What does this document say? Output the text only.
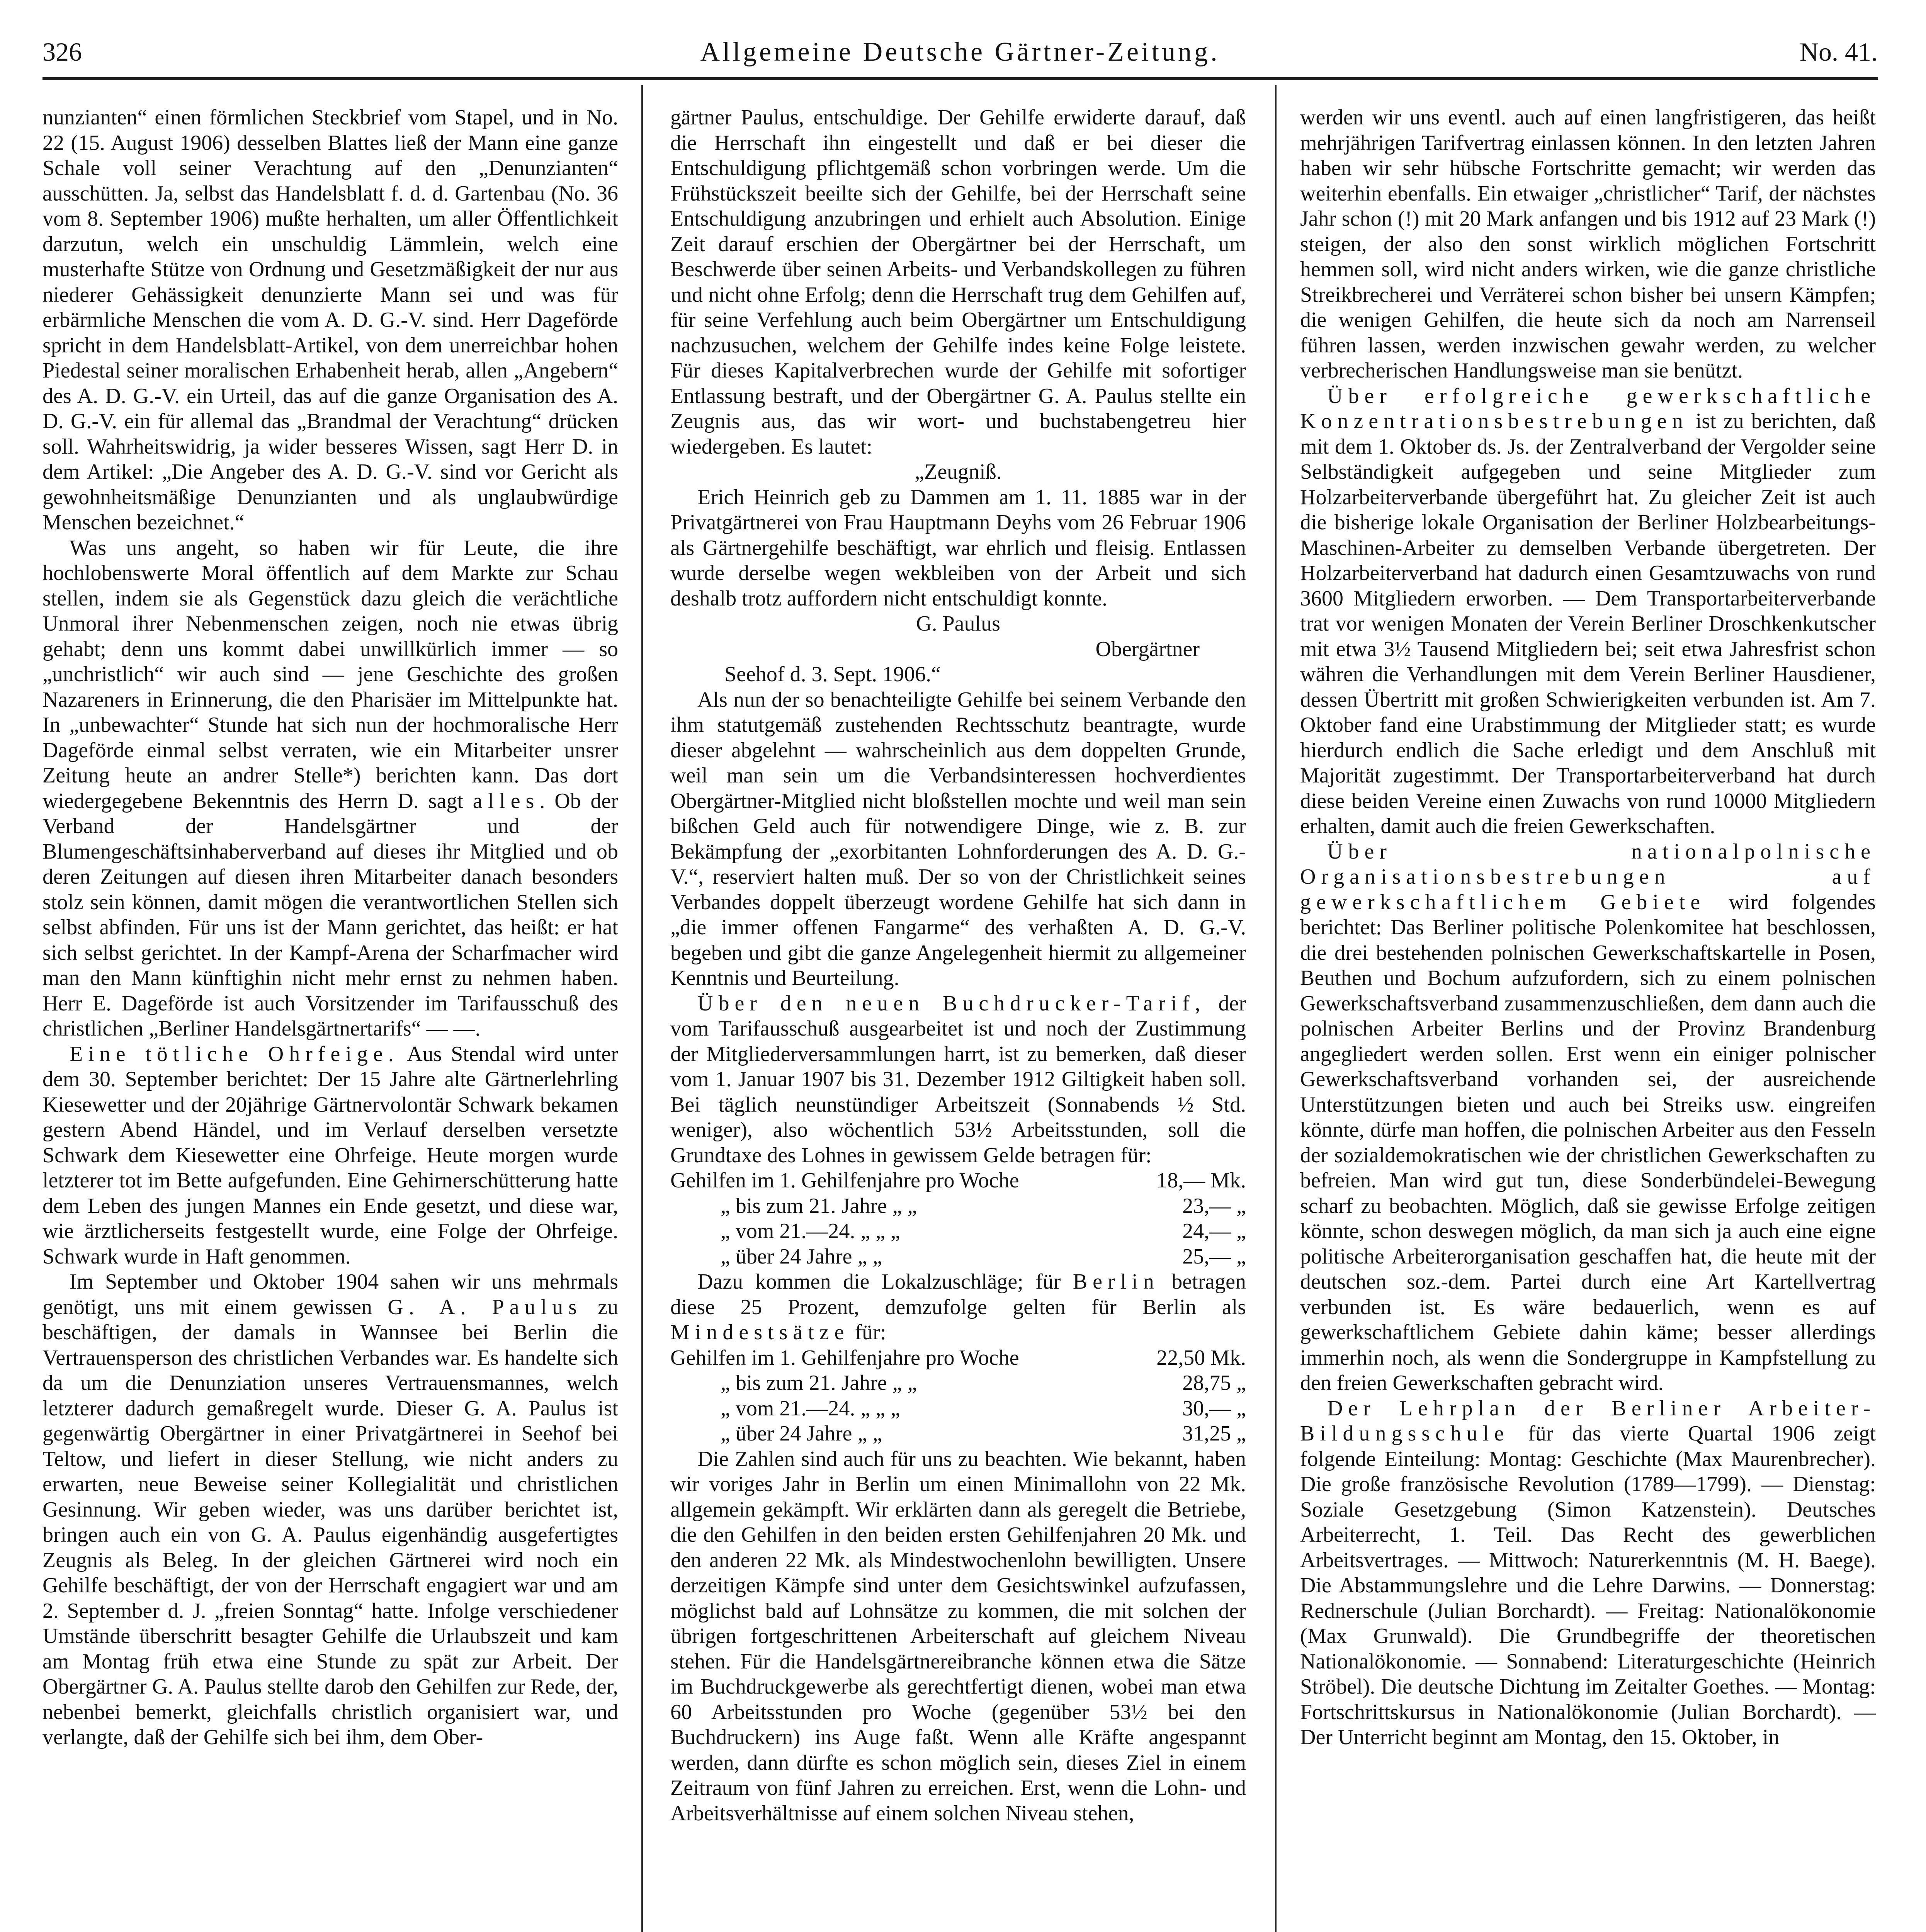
Allgemeine Deutsche Gärtner-Zeitung.
326	No. 41.

nunzianten“ einen förmlichen Steckbrief vom Stapel, und in No. 22 (15. August 1906) desselben Blattes ließ der Mann eine ganze Schale voll seiner Verachtung auf den „Denunzianten“ ausschütten. Ja, selbst das Handelsblatt f. d. d. Gartenbau (No. 36 vom 8. September 1906) mußte herhalten, um aller Öffentlichkeit darzutun, welch ein unschuldig Lämmlein, welch eine musterhafte Stütze von Ordnung und Gesetzmäßigkeit der nur aus niederer Gehässigkeit denunzierte Mann sei und was für erbärmliche Menschen die vom A. D. G.-V. sind. Herr Dageförde spricht in dem Handelsblatt-Artikel, von dem unerreichbar hohen Piedestal seiner moralischen Erhabenheit herab, allen „Angebern“ des A. D. G.-V. ein Urteil, das auf die ganze Organisation des A. D. G.-V. ein für allemal das „Brandmal der Verachtung“ drücken soll. Wahrheitswidrig, ja wider besseres Wissen, sagt Herr D. in dem Artikel: „Die Angeber des A. D. G.-V. sind vor Gericht als gewohnheitsmäßige Denunzianten und als unglaubwürdige Menschen bezeichnet.“

Was uns angeht, so haben wir für Leute, die ihre hochlobenswerte Moral öffentlich auf dem Markte zur Schau stellen, indem sie als Gegenstück dazu gleich die verächtliche Unmoral ihrer Nebenmenschen zeigen, noch nie etwas übrig gehabt; denn uns kommt dabei unwillkürlich immer — so „unchristlich“ wir auch sind — jene Geschichte des großen Nazareners in Erinnerung, die den Pharisäer im Mittelpunkte hat. In „unbewachter“ Stunde hat sich nun der hochmoralische Herr Dageförde einmal selbst verraten, wie ein Mitarbeiter unsrer Zeitung heute an andrer Stelle*) berichten kann. Das dort wiedergegebene Bekenntnis des Herrn D. sagt alles. Ob der Verband der Handelsgärtner und der Blumengeschäftsinhaberverband auf dieses ihr Mitglied und ob deren Zeitungen auf diesen ihren Mitarbeiter danach besonders stolz sein können, damit mögen die verantwortlichen Stellen sich selbst abfinden. Für uns ist der Mann gerichtet, das heißt: er hat sich selbst gerichtet. In der Kampf-Arena der Scharfmacher wird man den Mann künftighin nicht mehr ernst zu nehmen haben. Herr E. Dageförde ist auch Vorsitzender im Tarifausschuß des christlichen „Berliner Handelsgärtnertarifs“ — —.

Eine tötliche Ohrfeige. Aus Stendal wird unter dem 30. September berichtet: Der 15 Jahre alte Gärtnerlehrling Kiesewetter und der 20jährige Gärtnervolontär Schwark bekamen gestern Abend Händel, und im Verlauf derselben versetzte Schwark dem Kiesewetter eine Ohrfeige. Heute morgen wurde letzterer tot im Bette aufgefunden. Eine Gehirnerschütterung hatte dem Leben des jungen Mannes ein Ende gesetzt, und diese war, wie ärztlicherseits festgestellt wurde, eine Folge der Ohrfeige. Schwark wurde in Haft genommen.

Im September und Oktober 1904 sahen wir uns mehrmals genötigt, uns mit einem gewissen G. A. Paulus zu beschäftigen, der damals in Wannsee bei Berlin die Vertrauensperson des christlichen Verbandes war. Es handelte sich da um die Denunziation unseres Vertrauensmannes, welch letzterer dadurch gemaßregelt wurde. Dieser G. A. Paulus ist gegenwärtig Obergärtner in einer Privatgärtnerei in Seehof bei Teltow, und liefert in dieser Stellung, wie nicht anders zu erwarten, neue Beweise seiner Kollegialität und christlichen Gesinnung. Wir geben wieder, was uns darüber berichtet ist, bringen auch ein von G. A. Paulus eigenhändig ausgefertigtes Zeugnis als Beleg. In der gleichen Gärtnerei wird noch ein Gehilfe beschäftigt, der von der Herrschaft engagiert war und am 2. September d. J. „freien Sonntag“ hatte. Infolge verschiedener Umstände überschritt besagter Gehilfe die Urlaubszeit und kam am Montag früh etwa eine Stunde zu spät zur Arbeit. Der Obergärtner G. A. Paulus stellte darob den Gehilfen zur Rede, der, nebenbei bemerkt, gleichfalls christlich organisiert war, und verlangte, daß der Gehilfe sich bei ihm, dem Ober-

gärtner Paulus, entschuldige. Der Gehilfe erwiderte darauf, daß die Herrschaft ihn eingestellt und daß er bei dieser die Entschuldigung pflichtgemäß schon vorbringen werde. Um die Frühstückszeit beeilte sich der Gehilfe, bei der Herrschaft seine Entschuldigung anzubringen und erhielt auch Absolution. Einige Zeit darauf erschien der Obergärtner bei der Herrschaft, um Beschwerde über seinen Arbeits- und Verbandskollegen zu führen und nicht ohne Erfolg; denn die Herrschaft trug dem Gehilfen auf, für seine Verfehlung auch beim Obergärtner um Entschuldigung nachzusuchen, welchem der Gehilfe indes keine Folge leistete. Für dieses Kapitalverbrechen wurde der Gehilfe mit sofortiger Entlassung bestraft, und der Obergärtner G. A. Paulus stellte ein Zeugnis aus, das wir wort- und buchstabengetreu hier wiedergeben. Es lautet:

„Zeugniß.

Erich Heinrich geb zu Dammen am 1. 11. 1885 war in der Privatgärtnerei von Frau Hauptmann Deyhs vom 26 Februar 1906 als Gärtnergehilfe beschäftigt, war ehrlich und fleisig. Entlassen wurde derselbe wegen wekbleiben von der Arbeit und sich deshalb trotz auffordern nicht entschuldigt konnte.

G. Paulus

Obergärtner

Seehof d. 3. Sept. 1906.“

Als nun der so benachteiligte Gehilfe bei seinem Verbande den ihm statutgemäß zustehenden Rechtsschutz beantragte, wurde dieser abgelehnt — wahrscheinlich aus dem doppelten Grunde, weil man sein um die Verbandsinteressen hochverdientes Obergärtner-Mitglied nicht bloßstellen mochte und weil man sein bißchen Geld auch für notwendigere Dinge, wie z. B. zur Bekämpfung der „exorbitanten Lohnforderungen des A. D. G.-V.“, reserviert halten muß. Der so von der Christlichkeit seines Verbandes doppelt überzeugt wordene Gehilfe hat sich dann in „die immer offenen Fangarme“ des verhaßten A. D. G.-V. begeben und gibt die ganze Angelegenheit hiermit zu allgemeiner Kenntnis und Beurteilung.

Über den neuen Buchdrucker-Tarif, der vom Tarifausschuß ausgearbeitet ist und noch der Zustimmung der Mitgliederversammlungen harrt, ist zu bemerken, daß dieser vom 1. Januar 1907 bis 31. Dezember 1912 Giltigkeit haben soll. Bei täglich neunstündiger Arbeitszeit (Sonnabends ½ Std. weniger), also wöchentlich 53½ Arbeitsstunden, soll die Grundtaxe des Lohnes in gewissem Gelde betragen für:

Gehilfen im 1. Gehilfenjahre pro Woche	18,— Mk.
„ bis zum 21. Jahre „ „	23,— „
„ vom 21.—24. „ „ „	24,— „
„ über 24 Jahre „ „	25,— „

Dazu kommen die Lokalzuschläge; für Berlin betragen diese 25 Prozent, demzufolge gelten für Berlin als Mindestsätze für:

Gehilfen im 1. Gehilfenjahre pro Woche	22,50 Mk.
„ bis zum 21. Jahre „ „	28,75 „
„ vom 21.—24. „ „ „	30,— „
„ über 24 Jahre „ „	31,25 „

Die Zahlen sind auch für uns zu beachten. Wie bekannt, haben wir voriges Jahr in Berlin um einen Minimallohn von 22 Mk. allgemein gekämpft. Wir erklärten dann als geregelt die Betriebe, die den Gehilfen in den beiden ersten Gehilfenjahren 20 Mk. und den anderen 22 Mk. als Mindestwochenlohn bewilligten. Unsere derzeitigen Kämpfe sind unter dem Gesichtswinkel aufzufassen, möglichst bald auf Lohnsätze zu kommen, die mit solchen der übrigen fortgeschrittenen Arbeiterschaft auf gleichem Niveau stehen. Für die Handelsgärtnereibranche können etwa die Sätze im Buchdruckgewerbe als gerechtfertigt dienen, wobei man etwa 60 Arbeitsstunden pro Woche (gegenüber 53½ bei den Buchdruckern) ins Auge faßt. Wenn alle Kräfte angespannt werden, dann dürfte es schon möglich sein, dieses Ziel in einem Zeitraum von fünf Jahren zu erreichen. Erst, wenn die Lohn- und Arbeitsverhältnisse auf einem solchen Niveau stehen,

werden wir uns eventl. auch auf einen langfristigeren, das heißt mehrjährigen Tarifvertrag einlassen können. In den letzten Jahren haben wir sehr hübsche Fortschritte gemacht; wir werden das weiterhin ebenfalls. Ein etwaiger „christlicher“ Tarif, der nächstes Jahr schon (!) mit 20 Mark anfangen und bis 1912 auf 23 Mark (!) steigen, der also den sonst wirklich möglichen Fortschritt hemmen soll, wird nicht anders wirken, wie die ganze christliche Streikbrecherei und Verräterei schon bisher bei unsern Kämpfen; die wenigen Gehilfen, die heute sich da noch am Narrenseil führen lassen, werden inzwischen gewahr werden, zu welcher verbrecherischen Handlungsweise man sie benützt.

Über erfolgreiche gewerkschaftliche Konzentrationsbestrebungen ist zu berichten, daß mit dem 1. Oktober ds. Js. der Zentralverband der Vergolder seine Selbständigkeit aufgegeben und seine Mitglieder zum Holzarbeiterverbande übergeführt hat. Zu gleicher Zeit ist auch die bisherige lokale Organisation der Berliner Holzbearbeitungs-Maschinen-Arbeiter zu demselben Verbande übergetreten. Der Holzarbeiterverband hat dadurch einen Gesamtzuwachs von rund 3600 Mitgliedern erworben. — Dem Transportarbeiterverbande trat vor wenigen Monaten der Verein Berliner Droschkenkutscher mit etwa 3½ Tausend Mitgliedern bei; seit etwa Jahresfrist schon währen die Verhandlungen mit dem Verein Berliner Hausdiener, dessen Übertritt mit großen Schwierigkeiten verbunden ist. Am 7. Oktober fand eine Urabstimmung der Mitglieder statt; es wurde hierdurch endlich die Sache erledigt und dem Anschluß mit Majorität zugestimmt. Der Transportarbeiterverband hat durch diese beiden Vereine einen Zuwachs von rund 10000 Mitgliedern erhalten, damit auch die freien Gewerkschaften.

Über nationalpolnische Organisationsbestrebungen auf gewerkschaftlichem Gebiete wird folgendes berichtet: Das Berliner politische Polenkomitee hat beschlossen, die drei bestehenden polnischen Gewerkschaftskartelle in Posen, Beuthen und Bochum aufzufordern, sich zu einem polnischen Gewerkschaftsverband zusammenzuschließen, dem dann auch die polnischen Arbeiter Berlins und der Provinz Brandenburg angegliedert werden sollen. Erst wenn ein einiger polnischer Gewerkschaftsverband vorhanden sei, der ausreichende Unterstützungen bieten und auch bei Streiks usw. eingreifen könnte, dürfe man hoffen, die polnischen Arbeiter aus den Fesseln der sozialdemokratischen wie der christlichen Gewerkschaften zu befreien. Man wird gut tun, diese Sonderbündelei-Bewegung scharf zu beobachten. Möglich, daß sie gewisse Erfolge zeitigen könnte, schon deswegen möglich, da man sich ja auch eine eigne politische Arbeiterorganisation geschaffen hat, die heute mit der deutschen soz.-dem. Partei durch eine Art Kartellvertrag verbunden ist. Es wäre bedauerlich, wenn es auf gewerkschaftlichem Gebiete dahin käme; besser allerdings immerhin noch, als wenn die Sondergruppe in Kampfstellung zu den freien Gewerkschaften gebracht wird.

Der Lehrplan der Berliner Arbeiter-Bildungsschule für das vierte Quartal 1906 zeigt folgende Einteilung: Montag: Geschichte (Max Maurenbrecher). Die große französische Revolution (1789—1799). — Dienstag: Soziale Gesetzgebung (Simon Katzenstein). Deutsches Arbeiterrecht, 1. Teil. Das Recht des gewerblichen Arbeitsvertrages. — Mittwoch: Naturerkenntnis (M. H. Baege). Die Abstammungslehre und die Lehre Darwins. — Donnerstag: Rednerschule (Julian Borchardt). — Freitag: Nationalökonomie (Max Grunwald). Die Grundbegriffe der theoretischen Nationalökonomie. — Sonnabend: Literaturgeschichte (Heinrich Ströbel). Die deutsche Dichtung im Zeitalter Goethes. — Montag: Fortschrittskursus in Nationalökonomie (Julian Borchardt). — Der Unterricht beginnt am Montag, den 15. Oktober, in
